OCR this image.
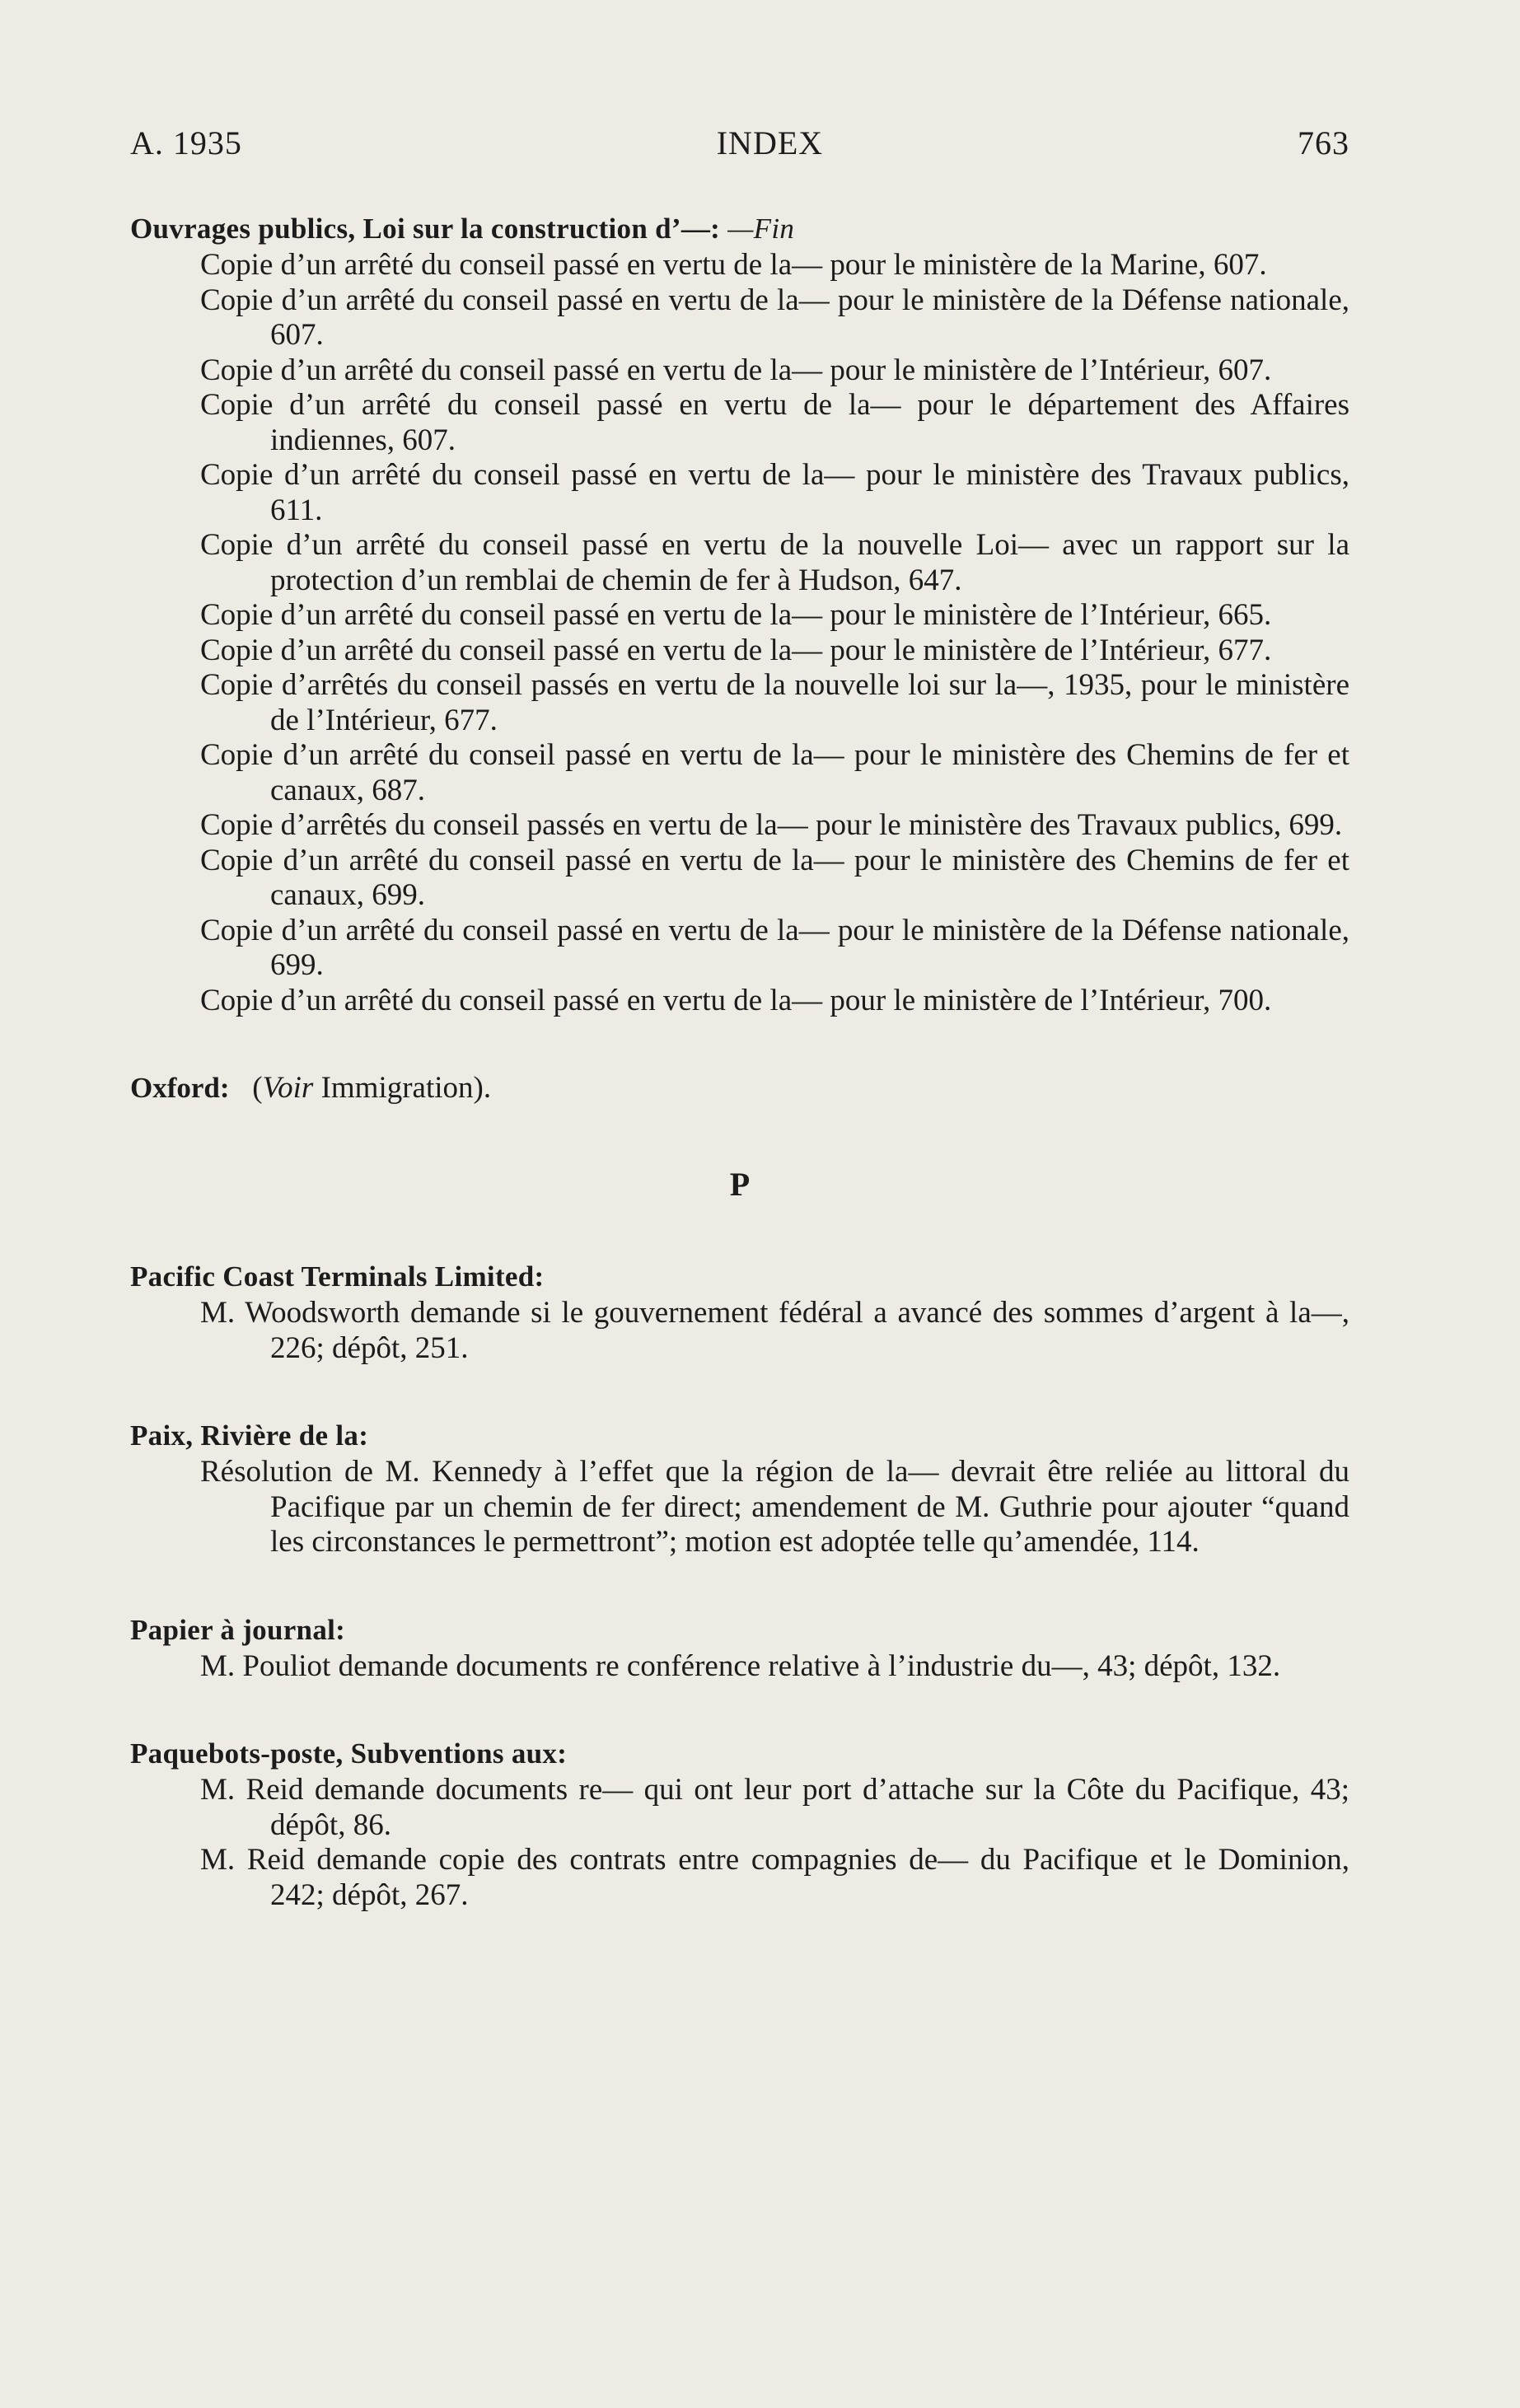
A. 1935	INDEX	763
Ouvrages publics, Loi sur la construction d’—: —Fin
Copie d’un arrêté du conseil passé en vertu de la— pour le ministère de la Marine, 607.
Copie d’un arrêté du conseil passé en vertu de la— pour le ministère de la Défense nationale, 607.
Copie d’un arrêté du conseil passé en vertu de la— pour le ministère de l’Intérieur, 607.
Copie d’un arrêté du conseil passé en vertu de la— pour le département des Affaires indiennes, 607.
Copie d’un arrêté du conseil passé en vertu de la— pour le ministère des Travaux publics, 611.
Copie d’un arrêté du conseil passé en vertu de la nouvelle Loi— avec un rapport sur la protection d’un remblai de chemin de fer à Hudson, 647.
Copie d’un arrêté du conseil passé en vertu de la— pour le ministère de l’Intérieur, 665.
Copie d’un arrêté du conseil passé en vertu de la— pour le ministère de l’Intérieur, 677.
Copie d’arrêtés du conseil passés en vertu de la nouvelle loi sur la—, 1935, pour le ministère de l’Intérieur, 677.
Copie d’un arrêté du conseil passé en vertu de la— pour le ministère des Chemins de fer et canaux, 687.
Copie d’arrêtés du conseil passés en vertu de la— pour le ministère des Travaux publics, 699.
Copie d’un arrêté du conseil passé en vertu de la— pour le ministère des Chemins de fer et canaux, 699.
Copie d’un arrêté du conseil passé en vertu de la— pour le ministère de la Défense nationale, 699.
Copie d’un arrêté du conseil passé en vertu de la— pour le ministère de l’Intérieur, 700.
Oxford: (Voir Immigration).
P
Pacific Coast Terminals Limited:
M. Woodsworth demande si le gouvernement fédéral a avancé des sommes d’argent à la—, 226; dépôt, 251.
Paix, Rivière de la:
Résolution de M. Kennedy à l’effet que la région de la— devrait être reliée au littoral du Pacifique par un chemin de fer direct; amendement de M. Guthrie pour ajouter “quand les circonstances le permettront”; motion est adoptée telle qu’amendée, 114.
Papier à journal:
M. Pouliot demande documents re conférence relative à l’industrie du—, 43; dépôt, 132.
Paquebots-poste, Subventions aux:
M. Reid demande documents re— qui ont leur port d’attache sur la Côte du Pacifique, 43; dépôt, 86.
M. Reid demande copie des contrats entre compagnies de— du Pacifique et le Dominion, 242; dépôt, 267.
